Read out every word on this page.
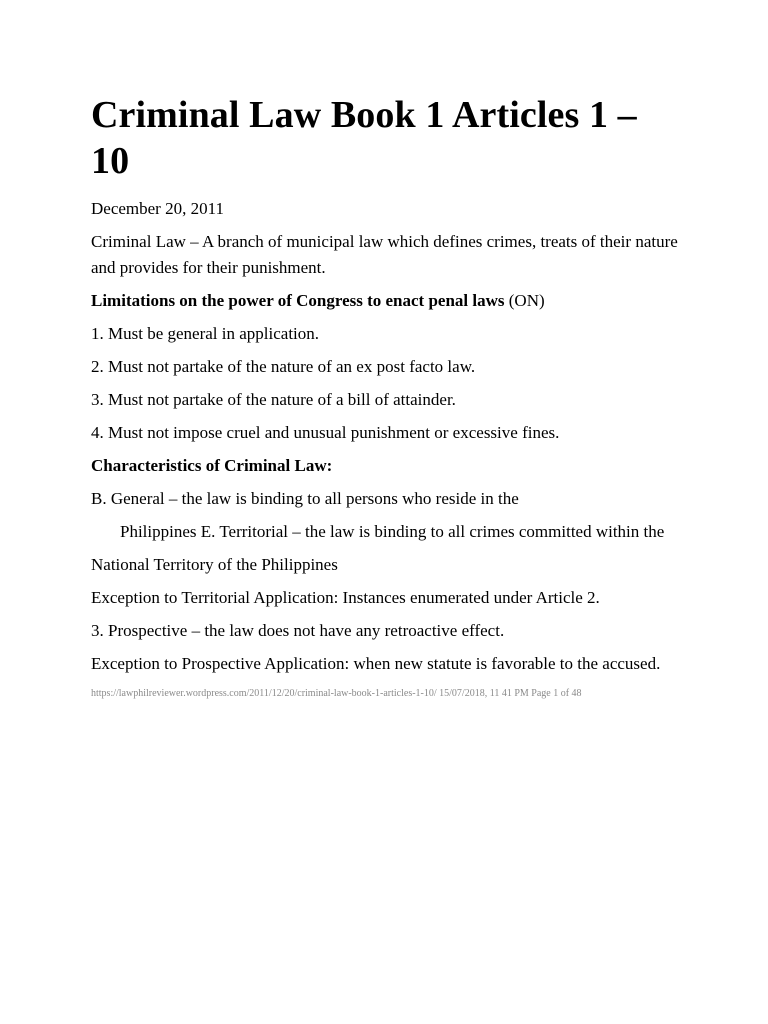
Criminal Law Book 1 Articles 1 – 10

December 20, 2011

Criminal Law – A branch of municipal law which defines crimes, treats of their nature and provides for their punishment.

Limitations on the power of Congress to enact penal laws (ON)

1. Must be general in application.

2. Must not partake of the nature of an ex post facto law.

3. Must not partake of the nature of a bill of attainder.

4. Must not impose cruel and unusual punishment or excessive fines.

Characteristics of Criminal Law:

B. General – the law is binding to all persons who reside in the

Philippines E. Territorial – the law is binding to all crimes committed within the

National Territory of the Philippines

Exception to Territorial Application: Instances enumerated under Article 2.

3. Prospective – the law does not have any retroactive effect.

Exception to Prospective Application: when new statute is favorable to the accused.

https://lawphilreviewer.wordpress.com/2011/12/20/criminal-law-book-1-articles-1-10/ 15/07/2018, 11 41 PM Page 1 of 48
